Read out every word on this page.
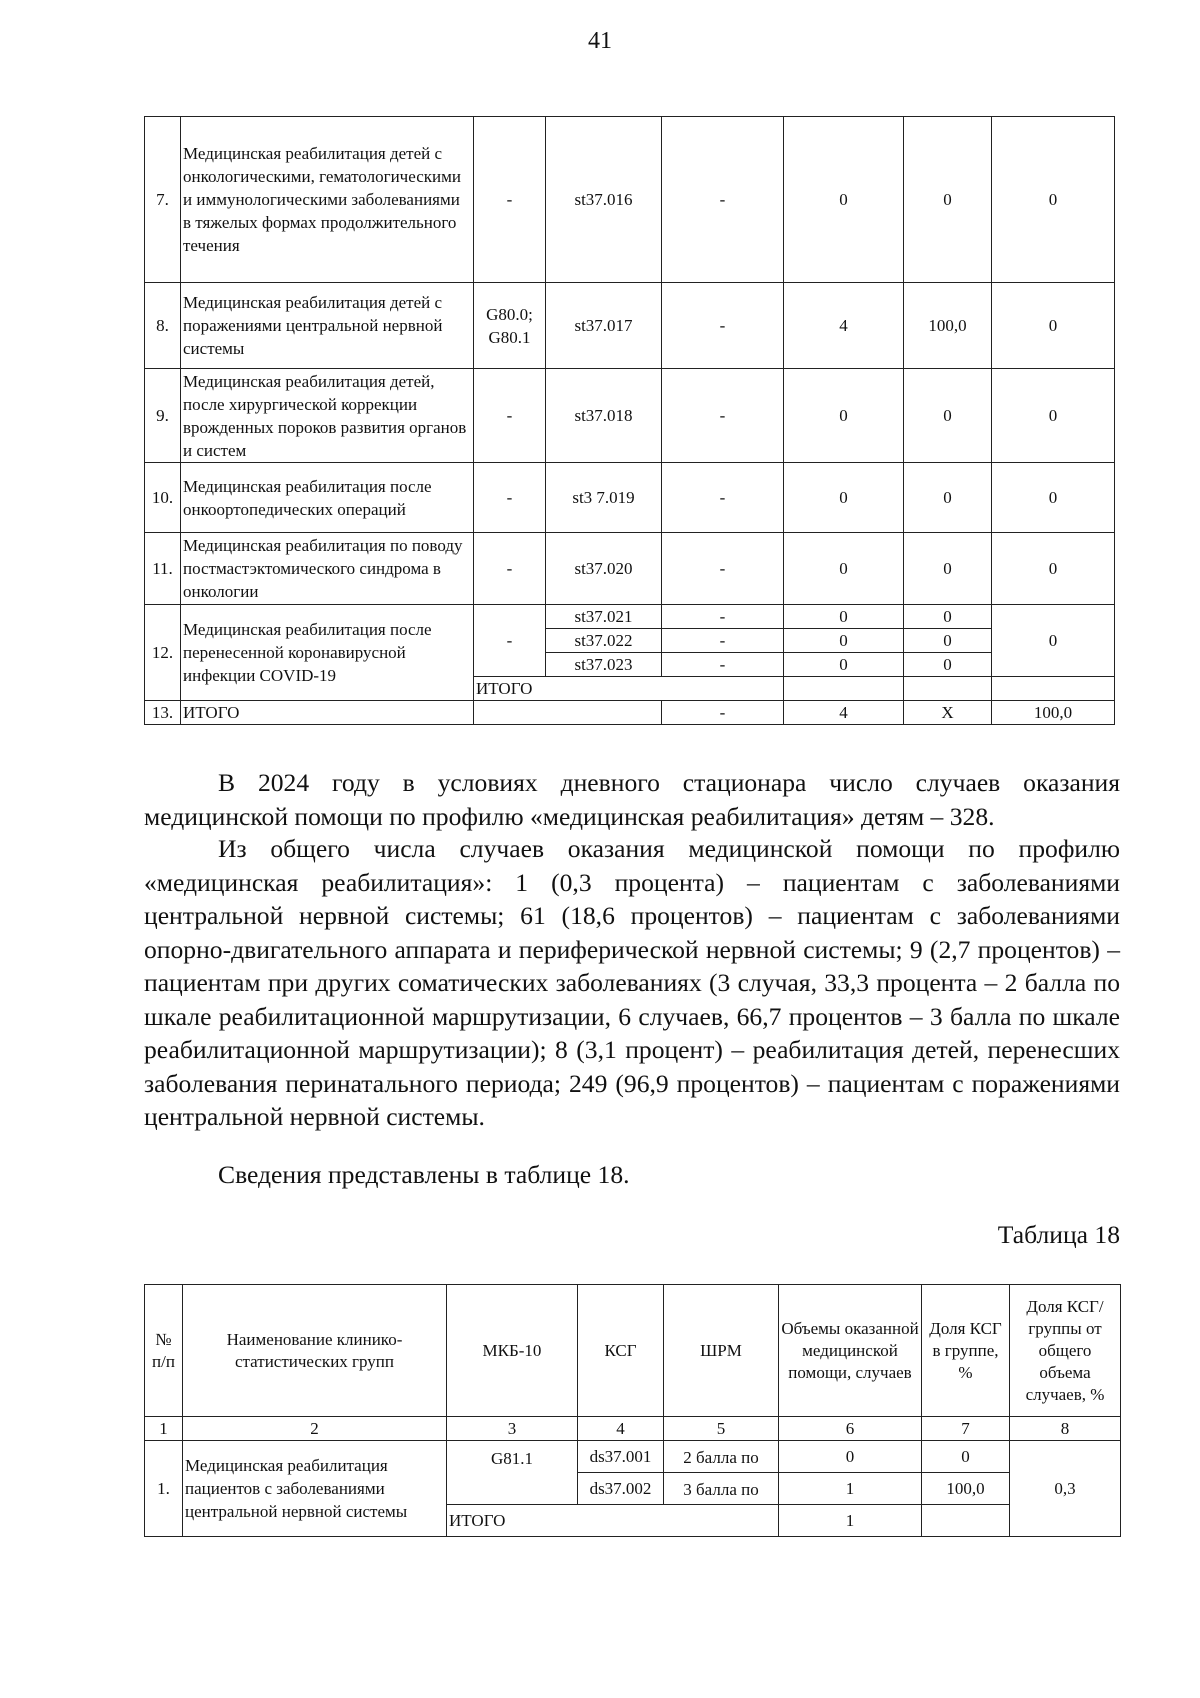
41
7.	Медицинская реабилитация детей с онкологическими, гематологическими и иммунологическими заболеваниями в тяжелых формах продолжительного течения	-	st37.016	-	0	0	0	
8.	Медицинская реабилитация детей с поражениями центральной нервной системы	G80.0; G80.1	st37.017	-	4	100,0	0	
9.	Медицинская реабилитация детей, после хирургической коррекции врожденных пороков развития органов и систем	-	st37.018	-	0	0	0	
10.	Медицинская реабилитация после онкоортопедических операций	-	st3 7.019	-	0	0	0	
11.	Медицинская реабилитация по поводу постмастэктомического синдрома в онкологии	-	st37.020	-	0	0	0	
12.	Медицинская реабилитация после перенесенной коронавирусной инфекции COVID-19	-	st37.021	-	0	0	0	
			st37.022	-	0	0		
			st37.023	-	0	0		
		ИТОГО						
13.	ИТОГО			-	4	X	100,0	

В 2024 году в условиях дневного стационара число случаев оказания медицинской помощи по профилю «медицинская реабилитация» детям – 328.

Из общего числа случаев оказания медицинской помощи по профилю «медицинская реабилитация»: 1 (0,3 процента) – пациентам с заболеваниями центральной нервной системы; 61 (18,6 процентов) – пациентам с заболеваниями опорно-двигательного аппарата и периферической нервной системы; 9 (2,7 процентов) – пациентам при других соматических заболеваниях (3 случая, 33,3 процента – 2 балла по шкале реабилитационной маршрутизации, 6 случаев, 66,7 процентов – 3 балла по шкале реабилитационной маршрутизации); 8 (3,1 процент) – реабилитация детей, перенесших заболевания перинатального периода; 249 (96,9 процентов) – пациентам с поражениями центральной нервной системы.

Сведения представлены в таблице 18.

Таблица 18
№ п/п	Наименование клинико-статистических групп	МКБ-10	КСГ	ШРМ	Объемы оказанной медицинской помощи, случаев	Доля КСГ в группе, %	Доля КСГ/группы от общего объема случаев, %
1	2	3	4	5	6	7	8
1.	Медицинская реабилитация пациентов с заболеваниями центральной нервной системы	G81.1	ds37.001	2 балла по	0	0	0,3
			ds37.002	3 балла по	1	100,0	
		ИТОГО			1		
